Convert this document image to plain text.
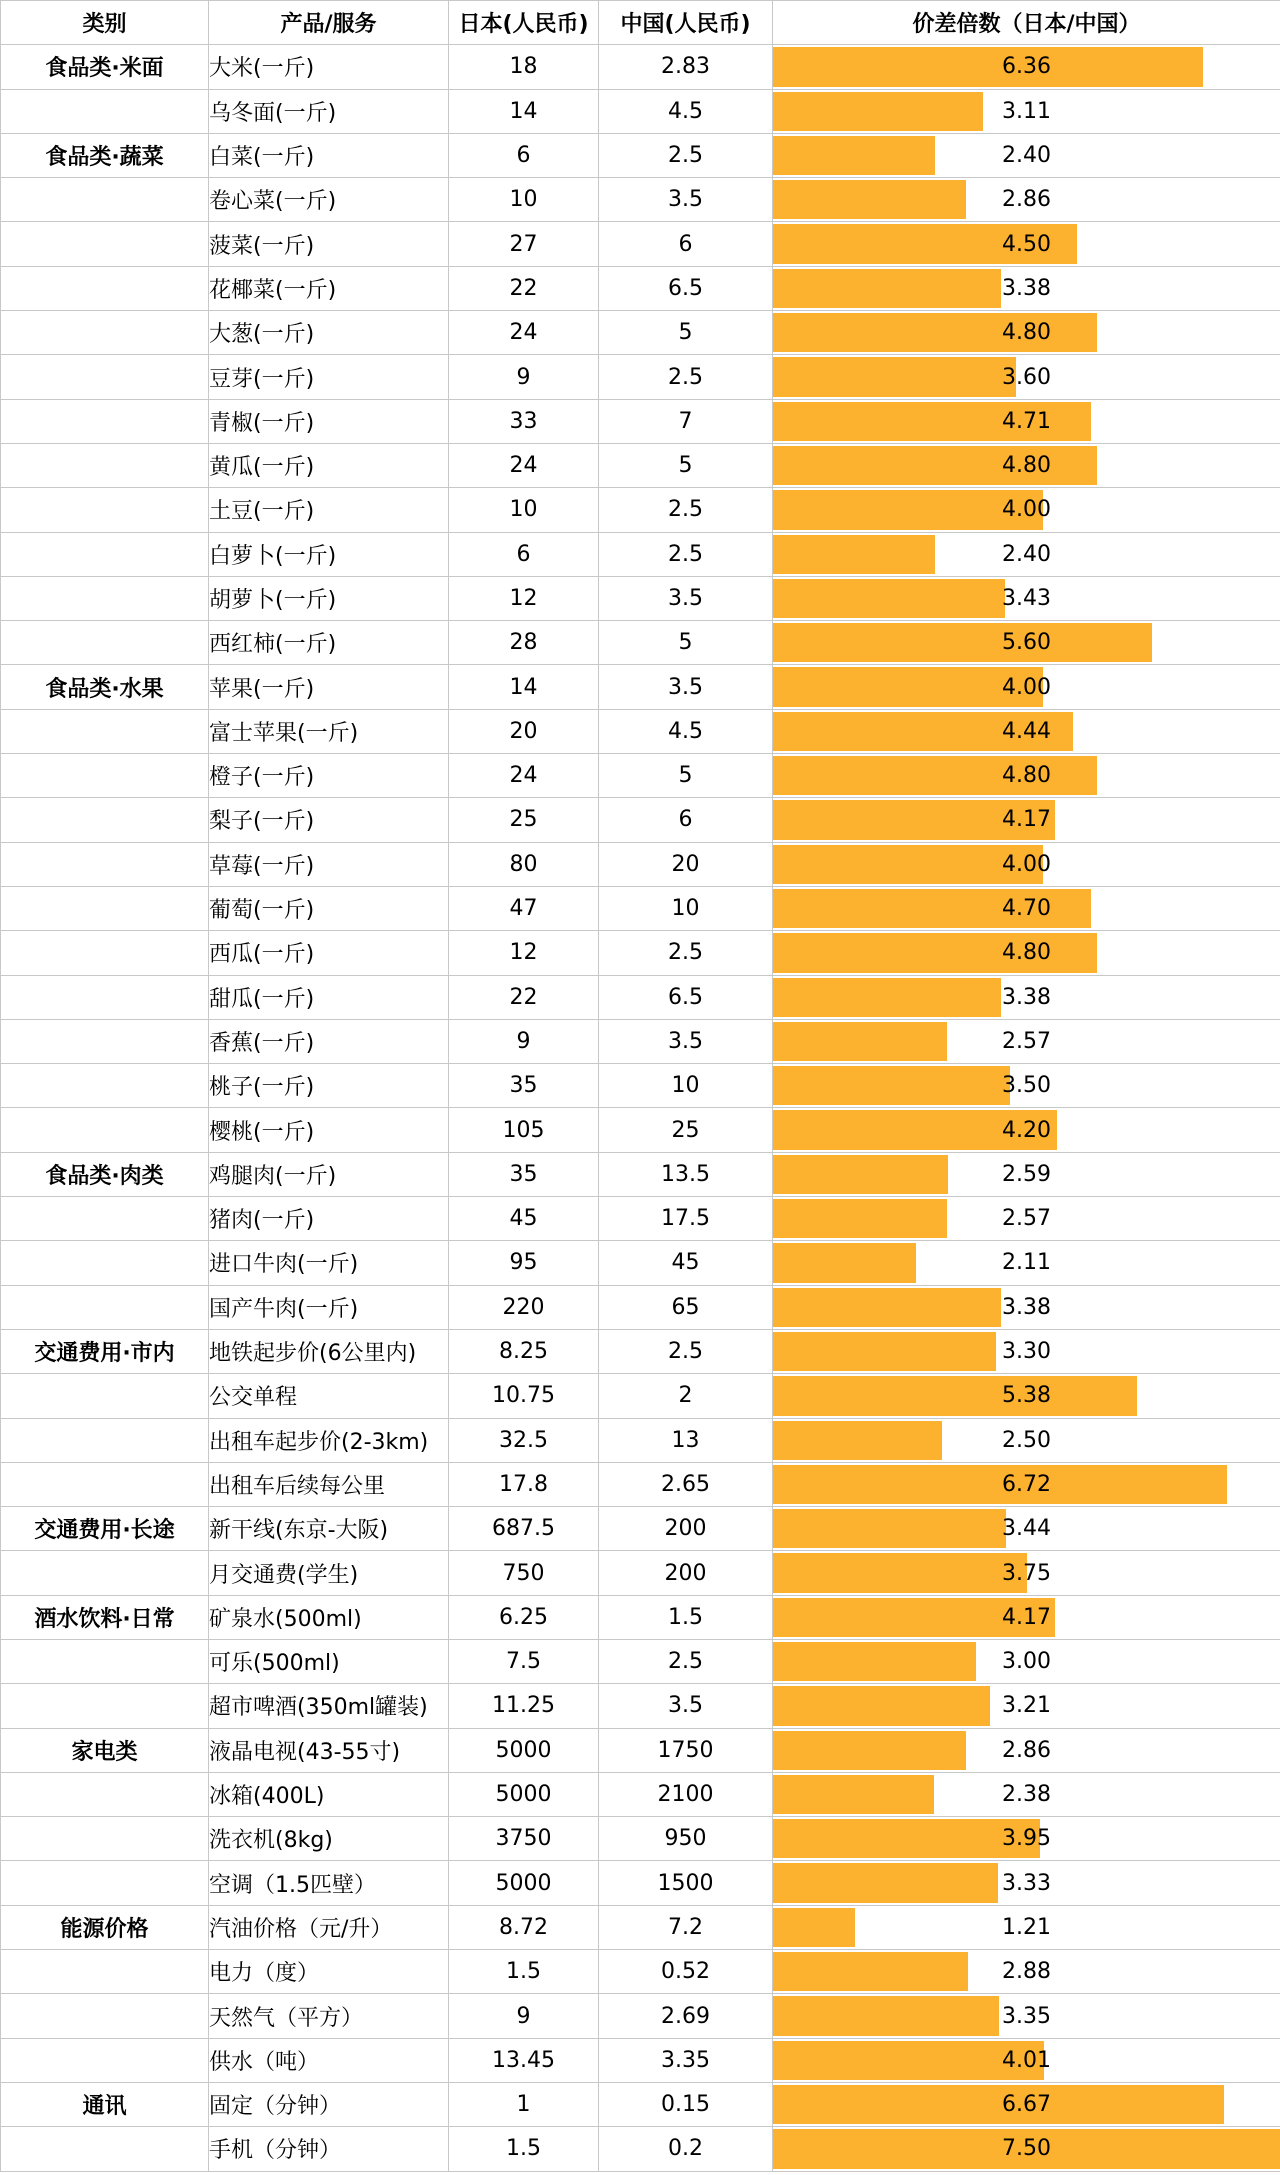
类别	产品/服务	日本(人民币)	中国(人民币)	价差倍数（日本/中国）
食品类·米面	大米(一斤)	18	2.83	6.36

	乌冬面(一斤)	14	4.5	3.11

食品类·蔬菜	白菜(一斤)	6	2.5	2.40

	卷心菜(一斤)	10	3.5	2.86

	菠菜(一斤)	27	6	4.50

	花椰菜(一斤)	22	6.5	3.38

	大葱(一斤)	24	5	4.80

	豆芽(一斤)	9	2.5	3.60

	青椒(一斤)	33	7	4.71

	黄瓜(一斤)	24	5	4.80

	土豆(一斤)	10	2.5	4.00

	白萝卜(一斤)	6	2.5	2.40

	胡萝卜(一斤)	12	3.5	3.43

	西红柿(一斤)	28	5	5.60

食品类·水果	苹果(一斤)	14	3.5	4.00

	富士苹果(一斤)	20	4.5	4.44

	橙子(一斤)	24	5	4.80

	梨子(一斤)	25	6	4.17

	草莓(一斤)	80	20	4.00

	葡萄(一斤)	47	10	4.70

	西瓜(一斤)	12	2.5	4.80

	甜瓜(一斤)	22	6.5	3.38

	香蕉(一斤)	9	3.5	2.57

	桃子(一斤)	35	10	3.50

	樱桃(一斤)	105	25	4.20

食品类·肉类	鸡腿肉(一斤)	35	13.5	2.59

	猪肉(一斤)	45	17.5	2.57

	进口牛肉(一斤)	95	45	2.11

	国产牛肉(一斤)	220	65	3.38

交通费用·市内	地铁起步价(6公里内)	8.25	2.5	3.30

	公交单程	10.75	2	5.38

	出租车起步价(2-3km)	32.5	13	2.50

	出租车后续每公里	17.8	2.65	6.72

交通费用·长途	新干线(东京-大阪)	687.5	200	3.44

	月交通费(学生)	750	200	3.75

酒水饮料·日常	矿泉水(500ml)	6.25	1.5	4.17

	可乐(500ml)	7.5	2.5	3.00

	超市啤酒(350ml罐装)	11.25	3.5	3.21

家电类	液晶电视(43-55寸)	5000	1750	2.86

	冰箱(400L)	5000	2100	2.38

	洗衣机(8kg)	3750	950	3.95

	空调（1.5匹壁）	5000	1500	3.33

能源价格	汽油价格（元/升）	8.72	7.2	1.21

	电力（度）	1.5	0.52	2.88

	天然气（平方）	9	2.69	3.35

	供水（吨）	13.45	3.35	4.01

通讯	固定（分钟）	1	0.15	6.67

	手机（分钟）	1.5	0.2	7.50
